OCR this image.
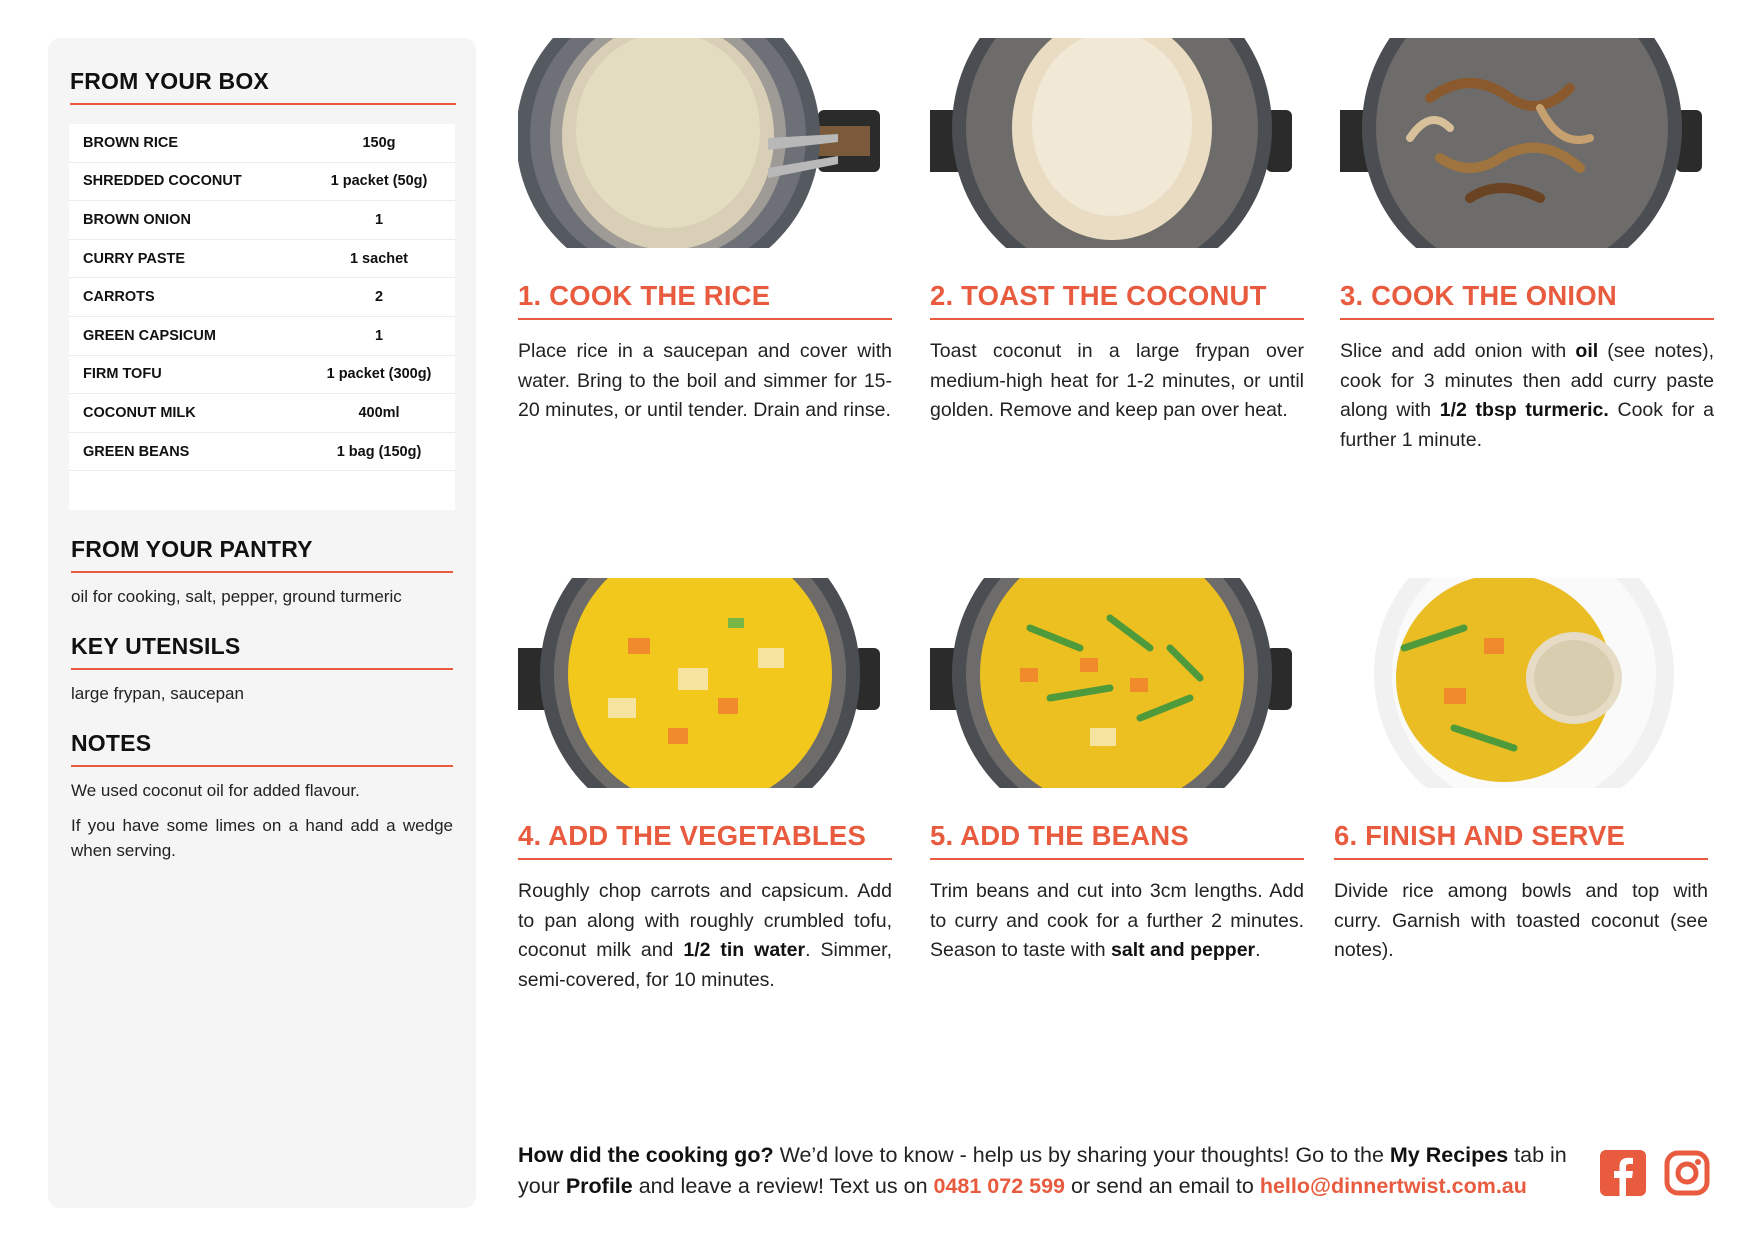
FROM YOUR BOX
BROWN RICE	150g
SHREDDED COCONUT	1 packet (50g)
BROWN ONION	1
CURRY PASTE	1 sachet
CARROTS	2
GREEN CAPSICUM	1
FIRM TOFU	1 packet (300g)
COCONUT MILK	400ml
GREEN BEANS	1 bag (150g)
FROM YOUR PANTRY
oil for cooking, salt, pepper, ground turmeric
KEY UTENSILS
large frypan, saucepan
NOTES

We used coconut oil for added flavour.

If you have some limes on a hand add a wedge when serving.

1. COOK THE RICE
Place rice in a saucepan and cover with water. Bring to the boil and simmer for 15-20 minutes, or until tender. Drain and rinse.
2. TOAST THE COCONUT
Toast coconut in a large frypan over medium-high heat for 1-2 minutes, or until golden. Remove and keep pan over heat.
3. COOK THE ONION
Slice and add onion with oil (see notes), cook for 3 minutes then add curry paste along with 1/2 tbsp turmeric. Cook for a further 1 minute.
4. ADD THE VEGETABLES
Roughly chop carrots and capsicum. Add to pan along with roughly crumbled tofu, coconut milk and 1/2 tin water. Simmer, semi-covered, for 10 minutes.
5. ADD THE BEANS
Trim beans and cut into 3cm lengths. Add to curry and cook for a further 2 minutes. Season to taste with salt and pepper.
6. FINISH AND SERVE
Divide rice among bowls and top with curry. Garnish with toasted coconut (see notes).
How did the cooking go? We’d love to know - help us by sharing your thoughts! Go to the My Recipes tab in your Profile and leave a review! Text us on 0481 072 599 or send an email to hello@dinnertwist.com.au
